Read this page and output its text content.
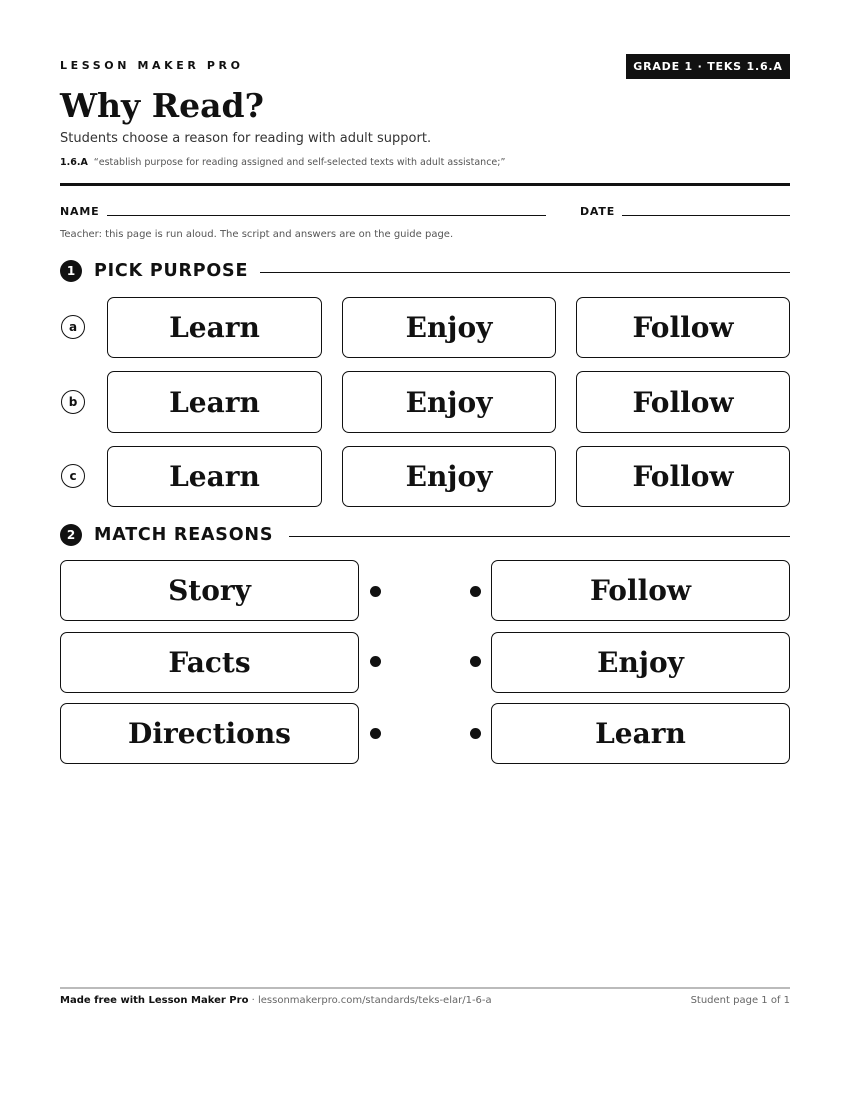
LESSON MAKER PRO	GRADE 1 · TEKS 1.6.A
Why Read?
Students choose a reason for reading with adult support.
1.6.A “establish purpose for reading assigned and self-selected texts with adult assistance;”
NAME	DATE
Teacher: this page is run aloud. The script and answers are on the guide page.
1	PICK PURPOSE
a	Learn	Enjoy	Follow
b	Learn	Enjoy	Follow
c	Learn	Enjoy	Follow
2	MATCH REASONS
Story	Follow
Facts	Enjoy
Directions	Learn
Made free with Lesson Maker Pro · lessonmakerpro.com/standards/teks-elar/1-6-a	Student page 1 of 1
